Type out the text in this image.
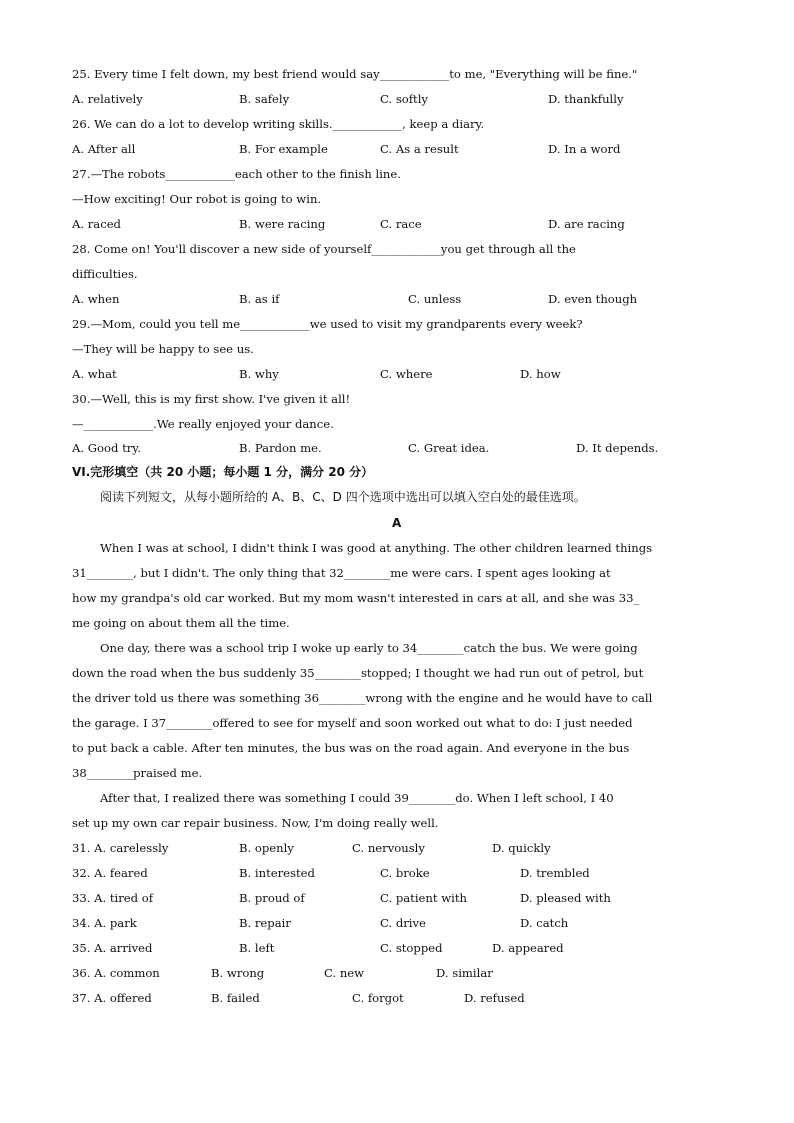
25. Every time I felt down, my best friend would say____________to me, "Everything will be fine."
A. relatively	B. safely	C. softly	D. thankfully
26. We can do a lot to develop writing skills.____________, keep a diary.
A. After all	B. For example	C. As a result	D. In a word
27.—The robots____________each other to the finish line.
—How exciting! Our robot is going to win.
A. raced	B. were racing	C. race	D. are racing
28. Come on! You'll discover a new side of yourself____________you get through all the
difficulties.
A. when	B. as if	C. unless	D. even though
29.—Mom, could you tell me____________we used to visit my grandparents every week?
—They will be happy to see us.
A. what	B. why	C. where	D. how
30.—Well, this is my first show. I've given it all!
—____________.We really enjoyed your dance.
A. Good try.	B. Pardon me.	C. Great idea.	D. It depends.
VI.完形填空（共 20 小题；每小题 1 分，满分 20 分）
阅读下列短文，从每小题所给的 A、B、C、D 四个选项中选出可以填入空白处的最佳选项。
A
When I was at school, I didn't think I was good at anything. The other children learned things
31________, but I didn't. The only thing that 32________me were cars. I spent ages looking at
how my grandpa's old car worked. But my mom wasn't interested in cars at all, and she was 33_
me going on about them all the time.
One day, there was a school trip I woke up early to 34________catch the bus. We were going
down the road when the bus suddenly 35________stopped; I thought we had run out of petrol, but
the driver told us there was something 36________wrong with the engine and he would have to call
the garage. I 37________offered to see for myself and soon worked out what to do: I just needed
to put back a cable. After ten minutes, the bus was on the road again. And everyone in the bus
38________praised me.
After that, I realized there was something I could 39________do. When I left school, I 40
set up my own car repair business. Now, I'm doing really well.
31. A. carelessly	B. openly	C. nervously	D. quickly
32. A. feared	B. interested	C. broke	D. trembled
33. A. tired of	B. proud of	C. patient with	D. pleased with
34. A. park	B. repair	C. drive	D. catch
35. A. arrived	B. left	C. stopped	D. appeared
36. A. common	B. wrong	C. new	D. similar
37. A. offered	B. failed	C. forgot	D. refused
